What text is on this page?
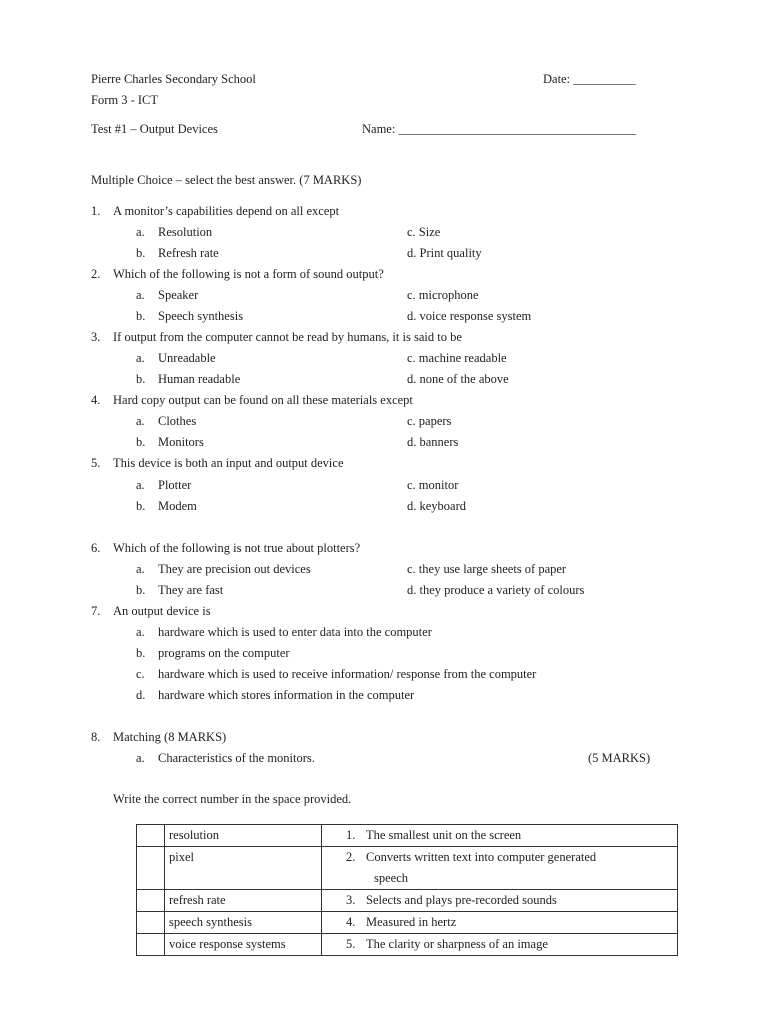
Pierre Charles Secondary School	Date: __________
Form 3 - ICT
Test #1 – Output Devices	Name: ______________________________________
Multiple Choice – select the best answer. (7 MARKS)
1. A monitor’s capabilities depend on all except
a. Resolution	c. Size
b. Refresh rate	d. Print quality
2. Which of the following is not a form of sound output?
a. Speaker	c. microphone
b. Speech synthesis	d. voice response system
3. If output from the computer cannot be read by humans, it is said to be
a. Unreadable	c. machine readable
b. Human readable	d. none of the above
4. Hard copy output can be found on all these materials except
a. Clothes	c. papers
b. Monitors	d. banners
5. This device is both an input and output device
a. Plotter	c. monitor
b. Modem	d. keyboard
6. Which of the following is not true about plotters?
a. They are precision out devices	c. they use large sheets of paper
b. They are fast	d. they produce a variety of colours
7. An output device is
a. hardware which is used to enter data into the computer
b. programs on the computer
c. hardware which is used to receive information/ response from the computer
d. hardware which stores information in the computer
8. Matching (8 MARKS)
a. Characteristics of the monitors.	(5 MARKS)
Write the correct number in the space provided.
	resolution	1. The smallest unit on the screen
	pixel	2. Converts written text into computer generated
speech

	refresh rate	3. Selects and plays pre-recorded sounds
	speech synthesis	4. Measured in hertz
	voice response systems	5. The clarity or sharpness of an image
